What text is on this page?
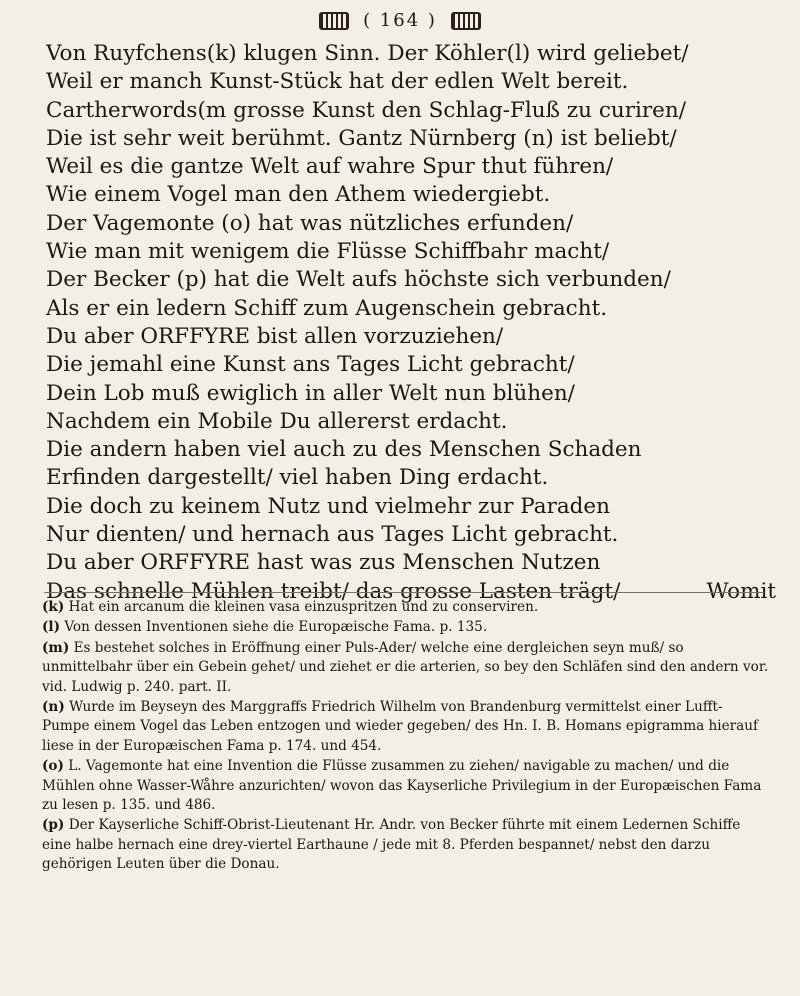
( 164 )
Von Ruyfchens(k) klugen Sinn. Der Köhler(l) wird geliebet/
Weil er manch Kunst-Stück hat der edlen Welt bereit.
Cartherwords(m grosse Kunst den Schlag-Fluß zu curiren/
Die ist sehr weit berühmt. Gantz Nürnberg (n) ist beliebt/
Weil es die gantze Welt auf wahre Spur thut führen/
Wie einem Vogel man den Athem wiedergiebt.
Der Vagemonte (o) hat was nützliches erfunden/
Wie man mit wenigem die Flüsse Schiffbahr macht/
Der Becker (p) hat die Welt aufs höchste sich verbunden/
Als er ein ledern Schiff zum Augenschein gebracht.
Du aber ORFFYRE bist allen vorzuziehen/
Die jemahl eine Kunst ans Tages Licht gebracht/
Dein Lob muß ewiglich in aller Welt nun blühen/
Nachdem ein Mobile Du allererst erdacht.
Die andern haben viel auch zu des Menschen Schaden
Erfinden dargestellt/ viel haben Ding erdacht.
Die doch zu keinem Nutz und vielmehr zur Paraden
Nur dienten/ und hernach aus Tages Licht gebracht.
Du aber ORFFYRE hast was zus Menschen Nutzen
Das schnelle Mühlen treibt/ das grosse Lasten trägt/	Womit
(k) Hat ein arcanum die kleinen vasa einzuspritzen und zu conserviren.
(l) Von dessen Inventionen siehe die Europæische Fama. p. 135.
(m) Es bestehet solches in Eröffnung einer Puls-Ader/ welche eine dergleichen seyn muß/ so unmittelbahr über ein Gebein gehet/ und ziehet er die arterien, so bey den Schläfen sind den andern vor. vid. Ludwig p. 240. part. II.
(n) Wurde im Beyseyn des Marggraffs Friedrich Wilhelm von Brandenburg vermittelst einer Lufft-Pumpe einem Vogel das Leben entzogen und wieder gegeben/ des Hn. I. B. Homans epigramma hierauf liese in der Europæischen Fama p. 174. und 454.
(o) L. Vagemonte hat eine Invention die Flüsse zusammen zu ziehen/ navigable zu machen/ und die Mühlen ohne Wasser-Wåhre anzurichten/ wovon das Kayserliche Privilegium in der Europæischen Fama zu lesen p. 135. und 486.
(p) Der Kayserliche Schiff-Obrist-Lieutenant Hr. Andr. von Becker führte mit einem Ledernen Schiffe eine halbe hernach eine drey-viertel Earthaune / jede mit 8. Pferden bespannet/ nebst den darzu gehörigen Leuten über die Donau.
